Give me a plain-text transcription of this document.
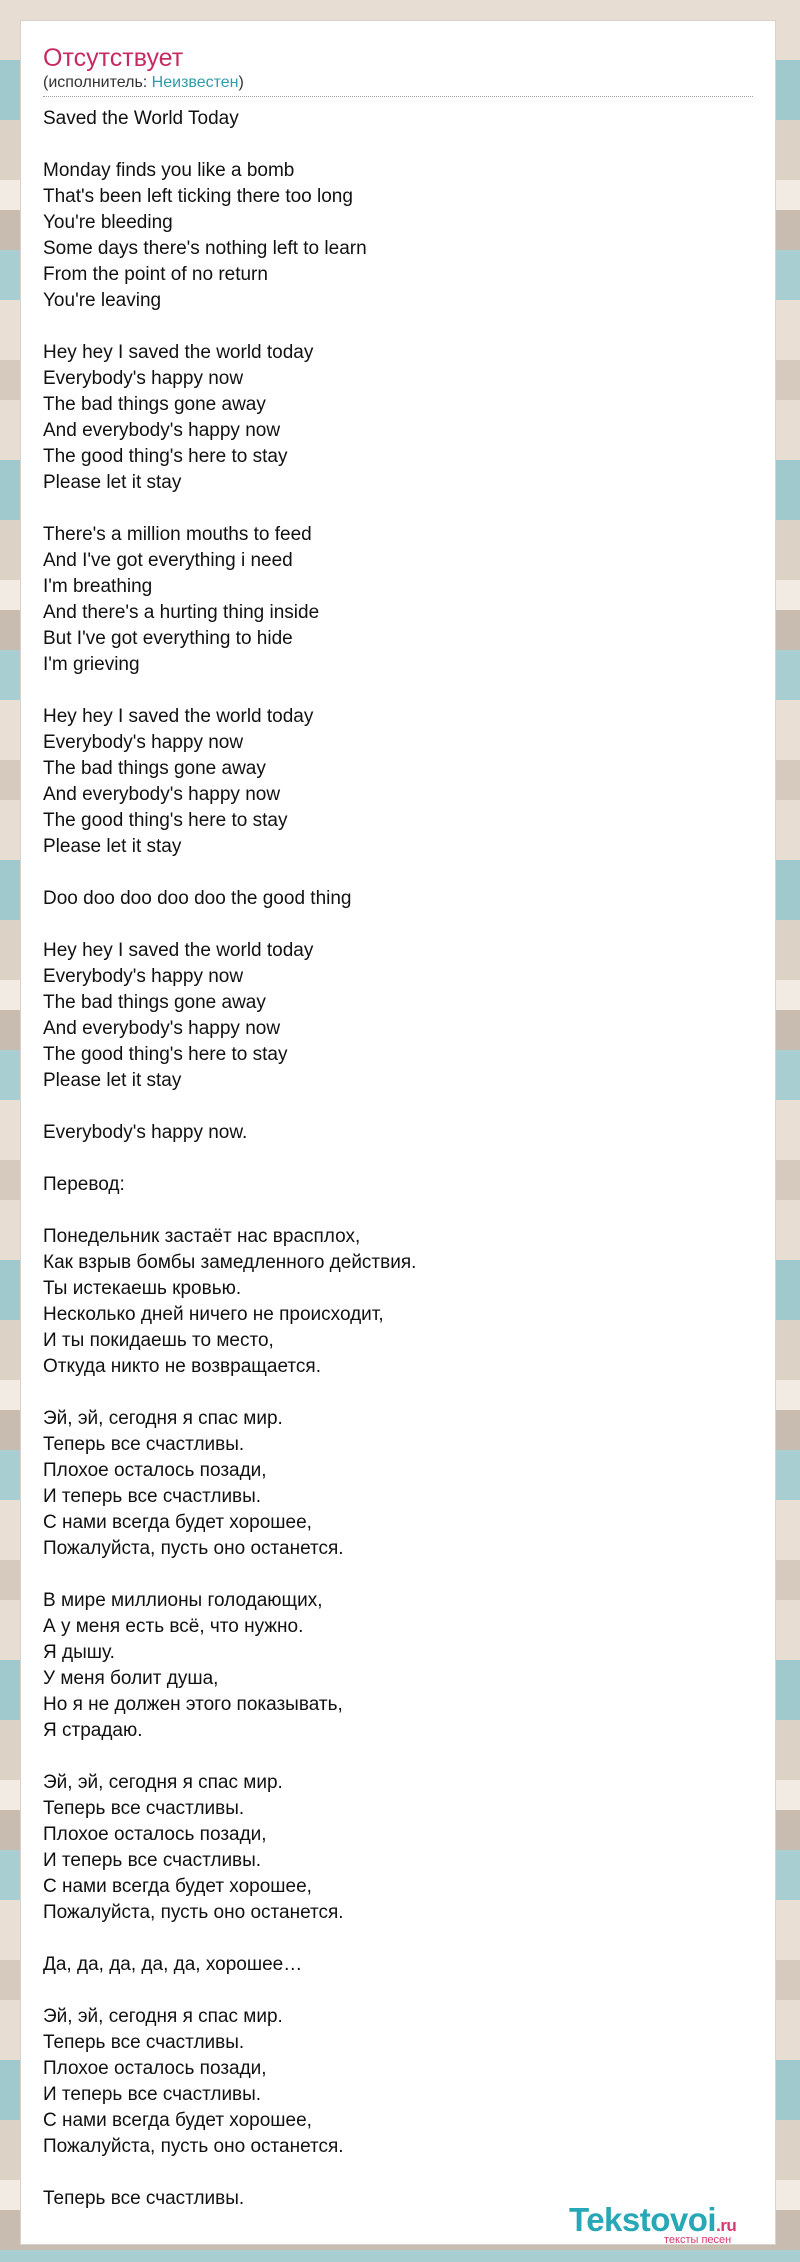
Отсутствует
(исполнитель: Неизвестен)
Saved the World Today
Monday finds you like a bomb
That's been left ticking there too long
You're bleeding
Some days there's nothing left to learn
From the point of no return
You're leaving
Hey hey I saved the world today
Everybody's happy now
The bad things gone away
And everybody's happy now
The good thing's here to stay
Please let it stay
There's a million mouths to feed
And I've got everything i need
I'm breathing
And there's a hurting thing inside
But I've got everything to hide
I'm grieving
Hey hey I saved the world today
Everybody's happy now
The bad things gone away
And everybody's happy now
The good thing's here to stay
Please let it stay
Doo doo doo doo doo the good thing
Hey hey I saved the world today
Everybody's happy now
The bad things gone away
And everybody's happy now
The good thing's here to stay
Please let it stay
Everybody's happy now.
Перевод:
Понедельник застаёт нас врасплох,
Как взрыв бомбы замедленного действия.
Ты истекаешь кровью.
Несколько дней ничего не происходит,
И ты покидаешь то место,
Откуда никто не возвращается.
Эй, эй, сегодня я спас мир.
Теперь все счастливы.
Плохое осталось позади,
И теперь все счастливы.
С нами всегда будет хорошее,
Пожалуйста, пусть оно останется.
В мире миллионы голодающих,
А у меня есть всё, что нужно.
Я дышу.
У меня болит душа,
Но я не должен этого показывать,
Я страдаю.
Эй, эй, сегодня я спас мир.
Теперь все счастливы.
Плохое осталось позади,
И теперь все счастливы.
С нами всегда будет хорошее,
Пожалуйста, пусть оно останется.
Да, да, да, да, да, хорошее…
Эй, эй, сегодня я спас мир.
Теперь все счастливы.
Плохое осталось позади,
И теперь все счастливы.
С нами всегда будет хорошее,
Пожалуйста, пусть оно останется.
Теперь все счастливы.
Tekstovoi.ru
тексты песен
